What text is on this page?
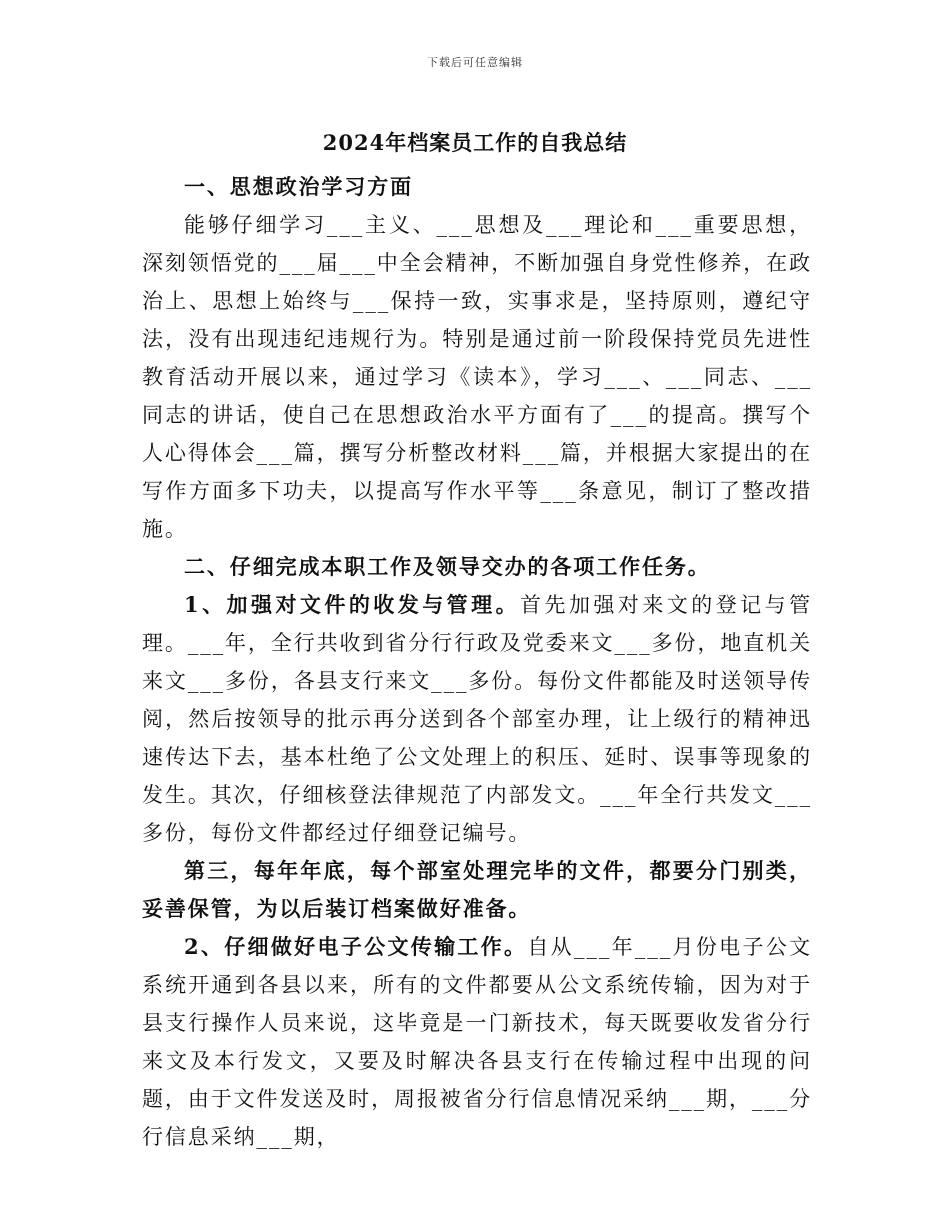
下载后可任意编辑
2024年档案员工作的自我总结

一、思想政治学习方面

能够仔细学习___主义、___思想及___理论和___重要思想，深刻领悟党的___届___中全会精神，不断加强自身党性修养，在政治上、思想上始终与___保持一致，实事求是，坚持原则，遵纪守法，没有出现违纪违规行为。特别是通过前一阶段保持党员先进性教育活动开展以来，通过学习《读本》，学习___、___同志、___同志的讲话，使自己在思想政治水平方面有了___的提高。撰写个人心得体会___篇，撰写分析整改材料___篇，并根据大家提出的在写作方面多下功夫，以提高写作水平等___条意见，制订了整改措施。

二、仔细完成本职工作及领导交办的各项工作任务。

1、加强对文件的收发与管理。首先加强对来文的登记与管理。___年，全行共收到省分行行政及党委来文___多份，地直机关来文___多份，各县支行来文___多份。每份文件都能及时送领导传阅，然后按领导的批示再分送到各个部室办理，让上级行的精神迅速传达下去，基本杜绝了公文处理上的积压、延时、误事等现象的发生。其次，仔细核登法律规范了内部发文。___年全行共发文___多份，每份文件都经过仔细登记编号。

第三，每年年底，每个部室处理完毕的文件，都要分门别类，妥善保管，为以后装订档案做好准备。

2、仔细做好电子公文传输工作。自从___年___月份电子公文系统开通到各县以来，所有的文件都要从公文系统传输，因为对于县支行操作人员来说，这毕竟是一门新技术，每天既要收发省分行来文及本行发文，又要及时解决各县支行在传输过程中出现的问题，由于文件发送及时，周报被省分行信息情况采纳___期，___分行信息采纳___期，
